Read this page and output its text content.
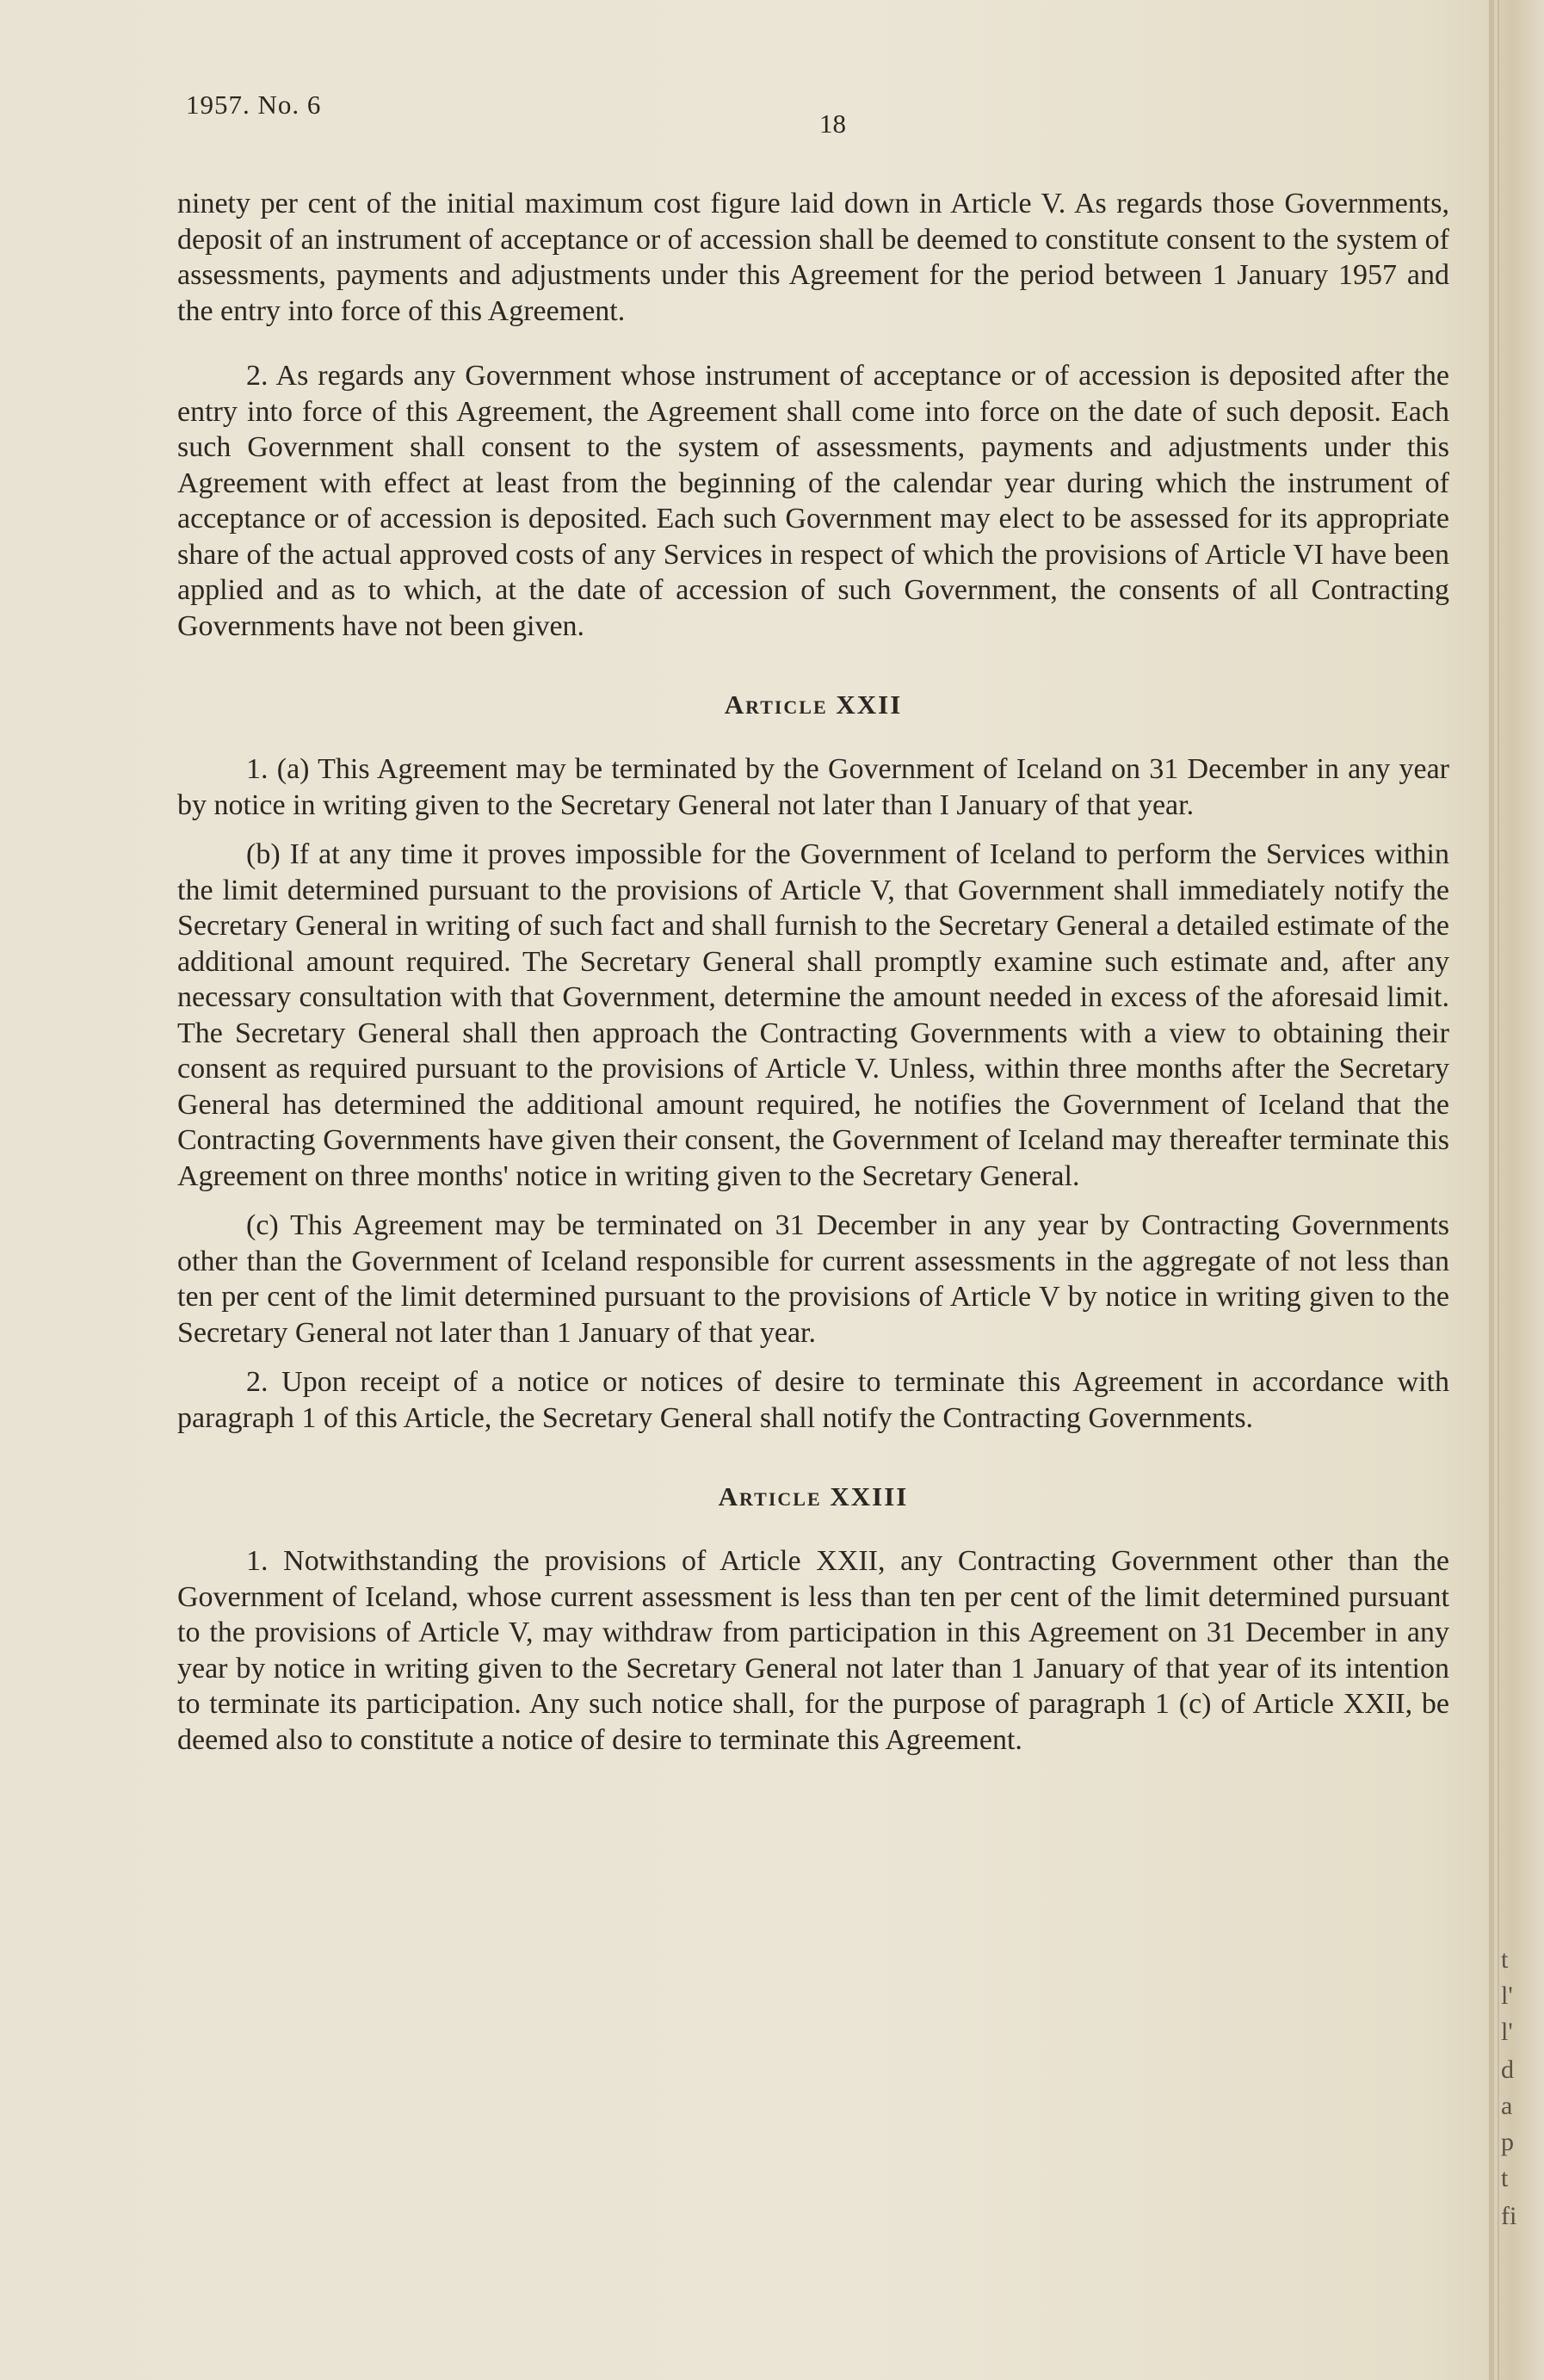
1957. No. 6
18

ninety per cent of the initial maximum cost figure laid down in Article V. As regards those Governments, deposit of an instrument of acceptance or of accession shall be deemed to constitute consent to the system of assessments, payments and adjustments under this Agreement for the period between 1 January 1957 and the entry into force of this Agreement.

2. As regards any Government whose instrument of acceptance or of accession is deposited after the entry into force of this Agreement, the Agreement shall come into force on the date of such deposit. Each such Government shall consent to the system of assessments, payments and adjustments under this Agreement with effect at least from the beginning of the calendar year during which the instrument of acceptance or of accession is deposited. Each such Government may elect to be assessed for its appropriate share of the actual approved costs of any Services in respect of which the provisions of Article VI have been applied and as to which, at the date of accession of such Government, the consents of all Contracting Governments have not been given.

Article XXII

1. (a) This Agreement may be terminated by the Government of Iceland on 31 December in any year by notice in writing given to the Secretary General not later than I January of that year.

(b) If at any time it proves impossible for the Government of Iceland to perform the Services within the limit determined pursuant to the provisions of Article V, that Government shall immediately notify the Secretary General in writing of such fact and shall furnish to the Secretary General a detailed estimate of the additional amount required. The Secretary General shall promptly examine such estimate and, after any necessary consultation with that Government, determine the amount needed in excess of the aforesaid limit. The Secretary General shall then approach the Contracting Governments with a view to obtaining their consent as required pursuant to the provisions of Article V. Unless, within three months after the Secretary General has determined the additional amount required, he notifies the Government of Iceland that the Contracting Governments have given their consent, the Government of Iceland may thereafter terminate this Agreement on three months' notice in writing given to the Secretary General.

(c) This Agreement may be terminated on 31 December in any year by Contracting Governments other than the Government of Iceland responsible for current assessments in the aggregate of not less than ten per cent of the limit determined pursuant to the provisions of Article V by notice in writing given to the Secretary General not later than 1 January of that year.

2. Upon receipt of a notice or notices of desire to terminate this Agreement in accordance with paragraph 1 of this Article, the Secretary General shall notify the Contracting Governments.

Article XXIII

1. Notwithstanding the provisions of Article XXII, any Contracting Government other than the Government of Iceland, whose current assessment is less than ten per cent of the limit determined pursuant to the provisions of Article V, may withdraw from participation in this Agreement on 31 December in any year by notice in writing given to the Secretary General not later than 1 January of that year of its intention to terminate its participation. Any such notice shall, for the purpose of paragraph 1 (c) of Article XXII, be deemed also to constitute a notice of desire to terminate this Agreement.

t
l'
l'
d
a
p
t
fi
